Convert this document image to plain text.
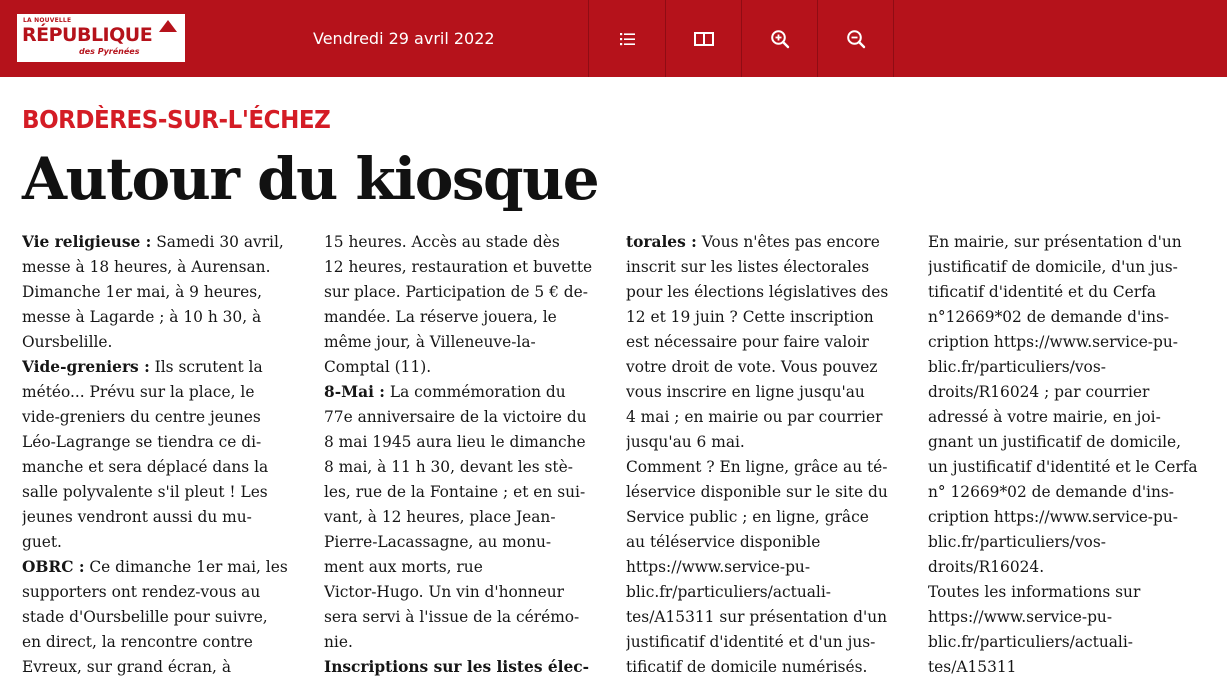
LA NOUVELLE
RÉPUBLIQUE
des Pyrénées
Vendredi 29 avril 2022
BORDÈRES-SUR-L'ÉCHEZ
Autour du kiosque
Vie religieuse : Samedi 30 avril,
messe à 18 heures, à Aurensan.
Dimanche 1er mai, à 9 heures,
messe à Lagarde ; à 10 h 30, à
Oursbelille.
Vide-greniers : Ils scrutent la
météo... Prévu sur la place, le
vide-greniers du centre jeunes
Léo-Lagrange se tiendra ce di-
manche et sera déplacé dans la
salle polyvalente s'il pleut ! Les
jeunes vendront aussi du mu-
guet.
OBRC : Ce dimanche 1er mai, les
supporters ont rendez-vous au
stade d'Oursbelille pour suivre,
en direct, la rencontre contre
Evreux, sur grand écran, à
15 heures. Accès au stade dès
12 heures, restauration et buvette
sur place. Participation de 5 € de-
mandée. La réserve jouera, le
même jour, à Villeneuve-la-
Comptal (11).
8-Mai : La commémoration du
77e anniversaire de la victoire du
8 mai 1945 aura lieu le dimanche
8 mai, à 11 h 30, devant les stè-
les, rue de la Fontaine ; et en sui-
vant, à 12 heures, place Jean-
Pierre-Lacassagne, au monu-
ment aux morts, rue
Victor-Hugo. Un vin d'honneur
sera servi à l'issue de la cérémo-
nie.
Inscriptions sur les listes élec-
torales : Vous n'êtes pas encore
inscrit sur les listes électorales
pour les élections législatives des
12 et 19 juin ? Cette inscription
est nécessaire pour faire valoir
votre droit de vote. Vous pouvez
vous inscrire en ligne jusqu'au
4 mai ; en mairie ou par courrier
jusqu'au 6 mai.
Comment ? En ligne, grâce au té-
léservice disponible sur le site du
Service public ; en ligne, grâce
au téléservice disponible
https://www.service-pu-
blic.fr/particuliers/actuali-
tes/A15311 sur présentation d'un
justificatif d'identité et d'un jus-
tificatif de domicile numérisés.
En mairie, sur présentation d'un
justificatif de domicile, d'un jus-
tificatif d'identité et du Cerfa
n°12669*02 de demande d'ins-
cription https://www.service-pu-
blic.fr/particuliers/vos-
droits/R16024 ; par courrier
adressé à votre mairie, en joi-
gnant un justificatif de domicile,
un justificatif d'identité et le Cerfa
n° 12669*02 de demande d'ins-
cription https://www.service-pu-
blic.fr/particuliers/vos-
droits/R16024.
Toutes les informations sur
https://www.service-pu-
blic.fr/particuliers/actuali-
tes/A15311
